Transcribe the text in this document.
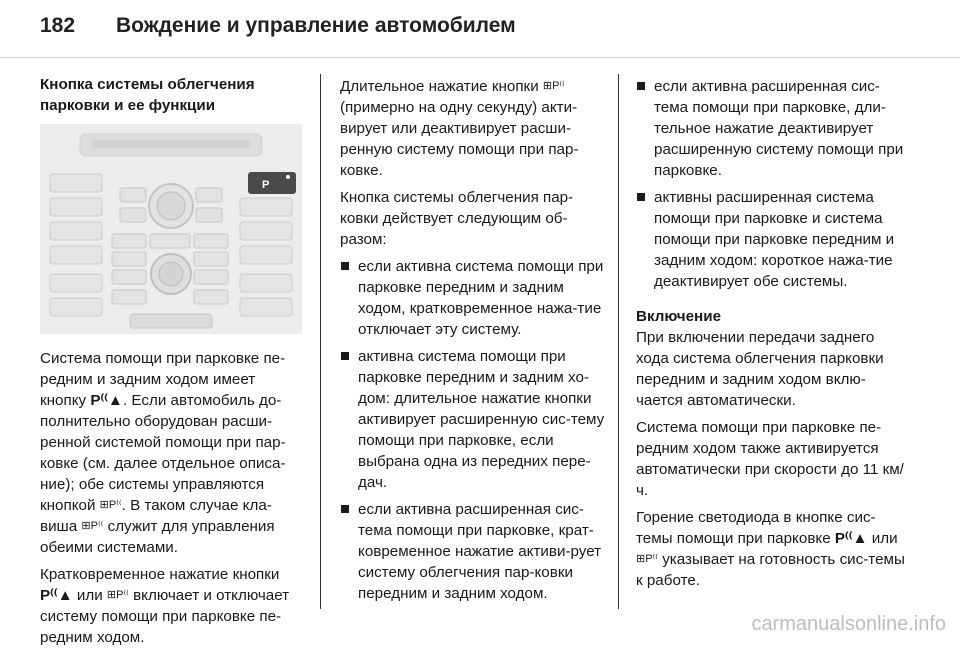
182	Вождение и управление автомобилем

Кнопка системы облегчения парковки и ее функции

P

Система помощи при парковке пе-редним и задним ходом имеет кнопку P⁽⁽▲. Если автомобиль до-полнительно оборудован расши-ренной системой помощи при пар-ковке (см. далее отдельное описа-ние); обе системы управляются кнопкой ⊞P⁽⁽. В таком случае кла-виша ⊞P⁽⁽ служит для управления обеими системами.

Кратковременное нажатие кнопки P⁽⁽▲ или ⊞P⁽⁽ включает и отключает систему помощи при парковке пе-редним ходом.

Длительное нажатие кнопки ⊞P⁽⁽ (примерно на одну секунду) акти-вирует или деактивирует расши-ренную систему помощи при пар-ковке.

Кнопка системы облегчения пар-ковки действует следующим об-разом:

если активна система помощи при парковке передним и задним ходом, кратковременное нажа-тие отключает эту систему.
активна система помощи при парковке передним и задним хо-дом: длительное нажатие кнопки активирует расширенную сис-тему помощи при парковке, если выбрана одна из передних пере-дач.
если активна расширенная сис-тема помощи при парковке, крат-ковременное нажатие активи-рует систему облегчения пар-ковки передним и задним ходом.
если активна расширенная сис-тема помощи при парковке, дли-тельное нажатие деактивирует расширенную систему помощи при парковке.
активны расширенная система помощи при парковке и система помощи при парковке передним и задним ходом: короткое нажа-тие деактивирует обе системы.

Включение

При включении передачи заднего хода система облегчения парковки передним и задним ходом вклю-чается автоматически.

Система помощи при парковке пе-редним ходом также активируется автоматически при скорости до 11 км/ч.

Горение светодиода в кнопке сис-темы помощи при парковке P⁽⁽▲ или ⊞P⁽⁽ указывает на готовность сис-темы к работе.

carmanualsonline.info
